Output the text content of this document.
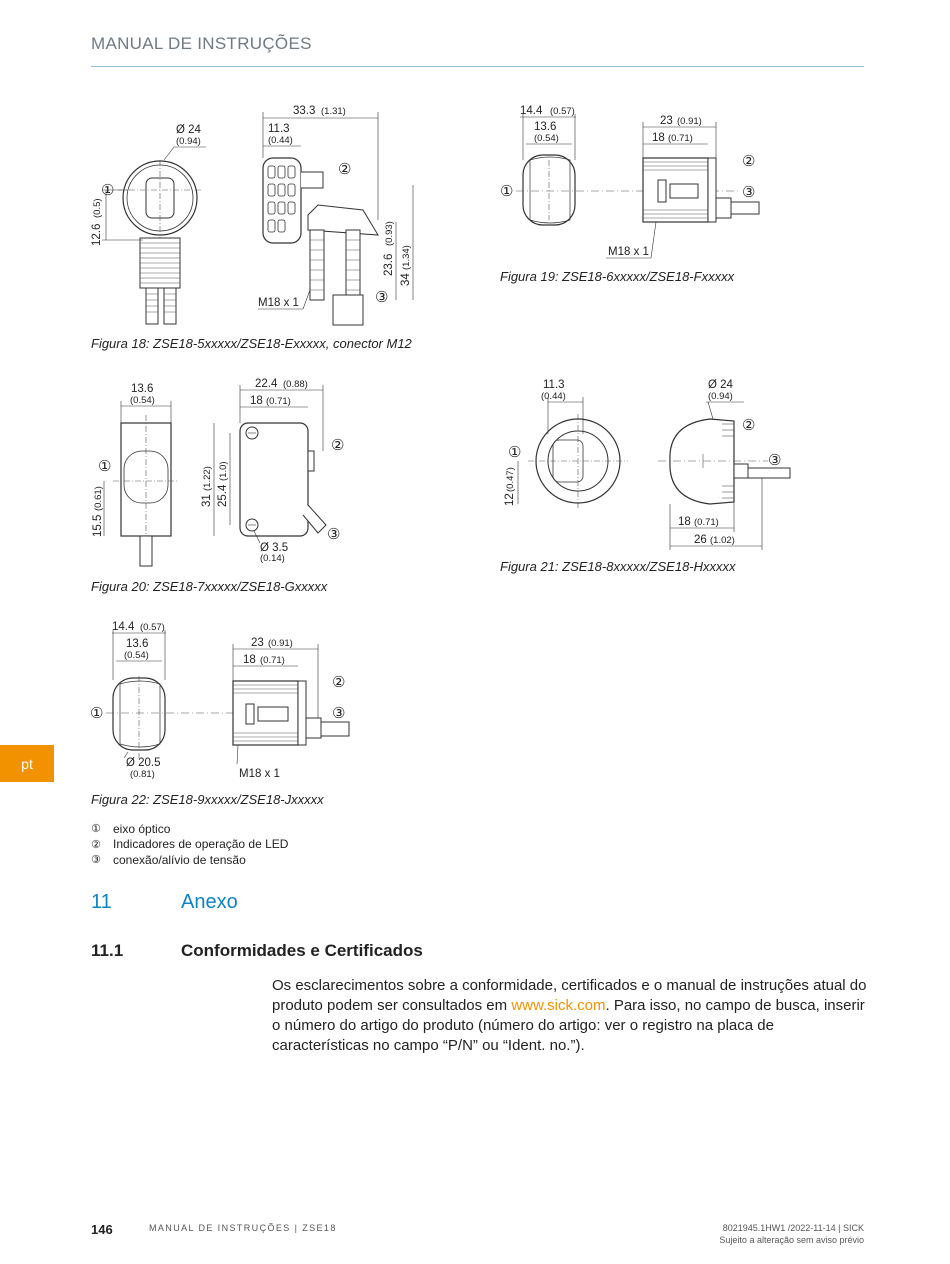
MANUAL DE INSTRUÇÕES
pt
Ø 24
(0.94)
12.6
(0.5)
①
33.3 (1.31)
11.3
(0.44)
23.6
(0.93)
34
(1.34)
②
③
M18 x 1
Figura 18: ZSE18-5xxxxx/ZSE18-Exxxxx, conector M12
①
②
③
14.4 (0.57)
13.6
(0.54)
23 (0.91)
18 (0.71)
M18 x 1
Figura 19: ZSE18-6xxxxx/ZSE18-Fxxxxx
①
13.6
(0.54)
15.5
(0.61)
②
③
22.4 (0.88)
18 (0.71)
31
(1.22)
25.4
(1.0)
Ø 3.5
(0.14)
Figura 20: ZSE18-7xxxxx/ZSE18-Gxxxxx
①
11.3
(0.44)
12
(0.47)
②
③
Ø 24
(0.94)
18 (0.71)
26 (1.02)
Figura 21: ZSE18-8xxxxx/ZSE18-Hxxxxx
①
14.4 (0.57)
13.6
(0.54)
Ø 20.5
(0.81)
②
③
23 (0.91)
18 (0.71)
M18 x 1
Figura 22: ZSE18-9xxxxx/ZSE18-Jxxxxx
①	eixo óptico
②	Indicadores de operação de LED
③	conexão/alívio de tensão
11	Anexo
11.1	Conformidades e Certificados
Os esclarecimentos sobre a conformidade, certificados e o manual de instruções atual do produto podem ser consultados em www.sick.com. Para isso, no campo de busca, inserir o número do artigo do produto (número do artigo: ver o registro na placa de características no campo “P/N” ou “Ident. no.”).
146	MANUAL DE INSTRUÇÕES | ZSE18	8021945.1HW1 /2022-11-14 | SICK
Sujeito a alteração sem aviso prévio
